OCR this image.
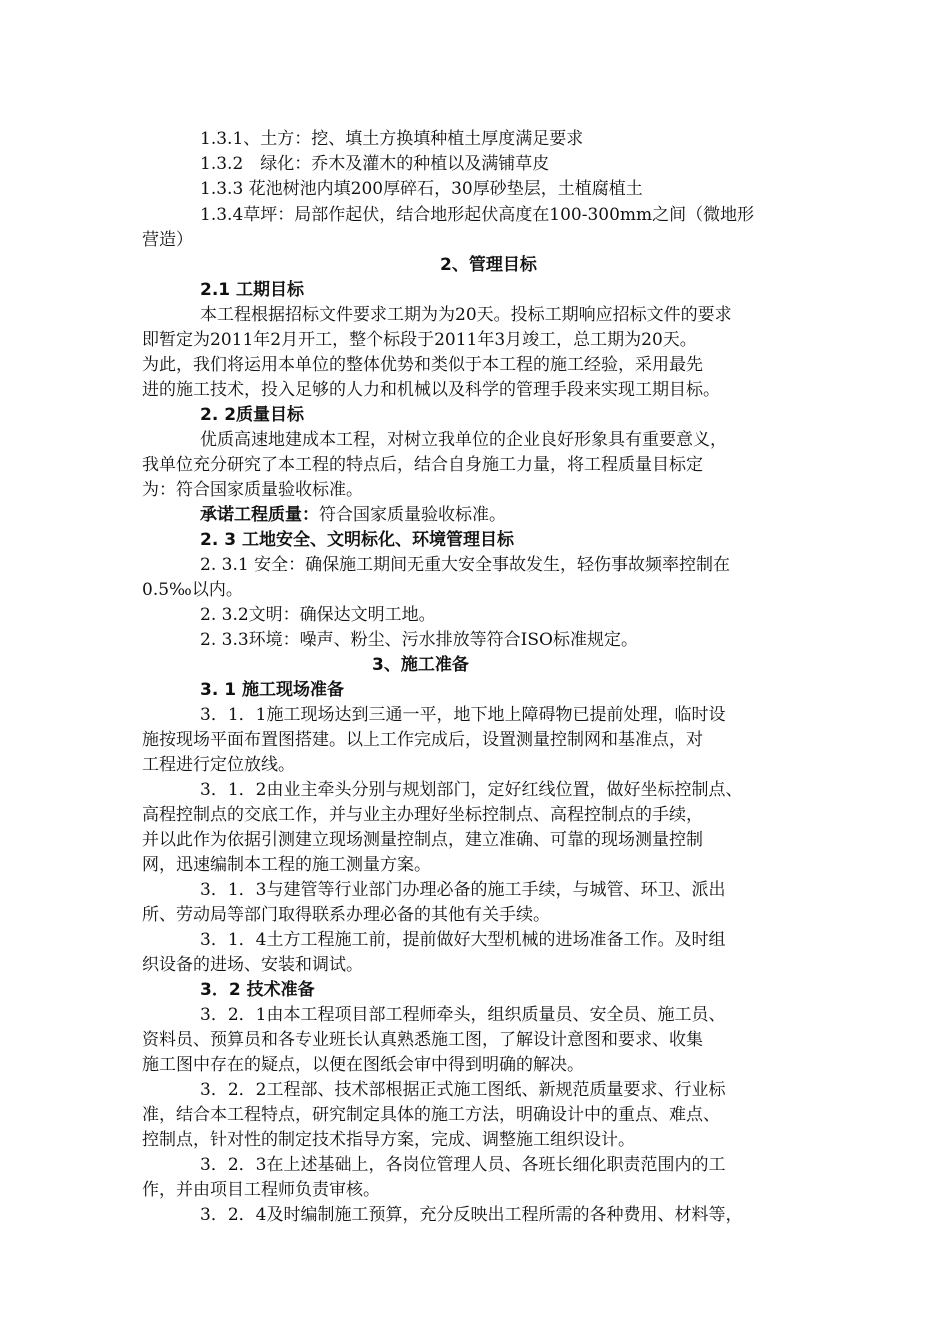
1.3.1、土方：挖、填土方换填种植土厚度满足要求
1.3.2　绿化：乔木及灌木的种植以及满铺草皮
1.3.3 花池树池内填200厚碎石，30厚砂垫层，土植腐植土
1.3.4草坪：局部作起伏，结合地形起伏高度在100-300mm之间（微地形
营造）
2、管理目标
2.1 工期目标
本工程根据招标文件要求工期为为20天。投标工期响应招标文件的要求
即暂定为2011年2月开工，整个标段于2011年3月竣工，总工期为20天。
为此，我们将运用本单位的整体优势和类似于本工程的施工经验，采用最先
进的施工技术，投入足够的人力和机械以及科学的管理手段来实现工期目标。
2. 2质量目标
优质高速地建成本工程，对树立我单位的企业良好形象具有重要意义，
我单位充分研究了本工程的特点后，结合自身施工力量，将工程质量目标定
为：符合国家质量验收标准。
承诺工程质量：符合国家质量验收标准。
2. 3 工地安全、文明标化、环境管理目标
2. 3.1 安全：确保施工期间无重大安全事故发生，轻伤事故频率控制在
0.5‰以内。
2. 3.2文明：确保达文明工地。
2. 3.3环境：噪声、粉尘、污水排放等符合ISO标准规定。
3、施工准备
3. 1 施工现场准备
3．1．1施工现场达到三通一平，地下地上障碍物已提前处理，临时设
施按现场平面布置图搭建。以上工作完成后，设置测量控制网和基准点，对
工程进行定位放线。
3．1．2由业主牵头分别与规划部门，定好红线位置，做好坐标控制点、
高程控制点的交底工作，并与业主办理好坐标控制点、高程控制点的手续，
并以此作为依据引测建立现场测量控制点，建立准确、可靠的现场测量控制
网，迅速编制本工程的施工测量方案。
3．1．3与建管等行业部门办理必备的施工手续，与城管、环卫、派出
所、劳动局等部门取得联系办理必备的其他有关手续。
3．1．4土方工程施工前，提前做好大型机械的进场准备工作。及时组
织设备的进场、安装和调试。
3．2 技术准备
3．2．1由本工程项目部工程师牵头，组织质量员、安全员、施工员、
资料员、预算员和各专业班长认真熟悉施工图，了解设计意图和要求、收集
施工图中存在的疑点，以便在图纸会审中得到明确的解决。
3．2．2工程部、技术部根据正式施工图纸、新规范质量要求、行业标
准，结合本工程特点，研究制定具体的施工方法，明确设计中的重点、难点、
控制点，针对性的制定技术指导方案，完成、调整施工组织设计。
3．2．3在上述基础上，各岗位管理人员、各班长细化职责范围内的工
作，并由项目工程师负责审核。
3．2．4及时编制施工预算，充分反映出工程所需的各种费用、材料等，
